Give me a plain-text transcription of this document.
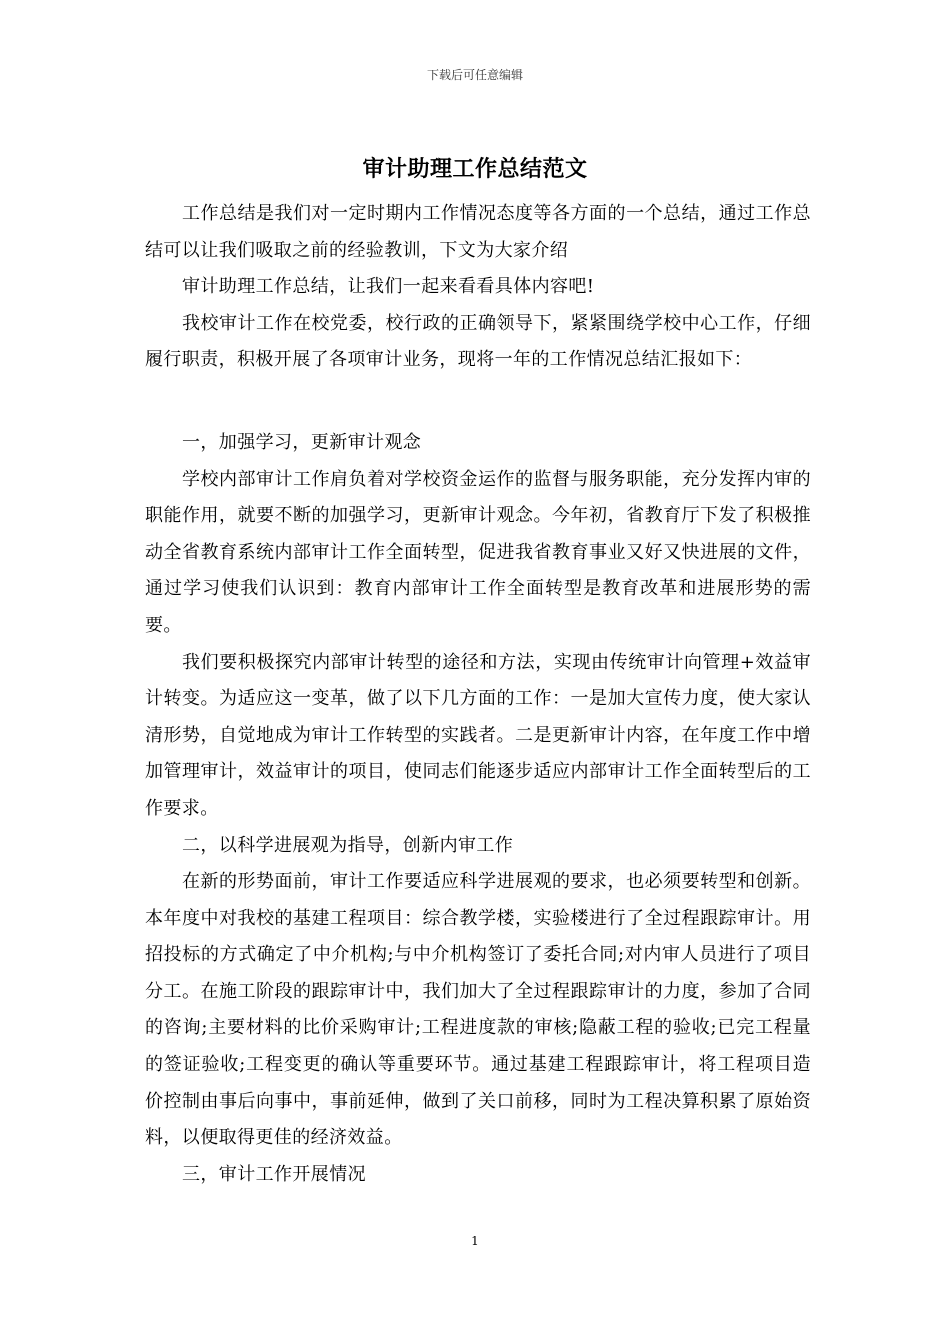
下载后可任意编辑
审计助理工作总结范文

工作总结是我们对一定时期内工作情况态度等各方面的一个总结，通过工作总结可以让我们吸取之前的经验教训，下文为大家介绍

审计助理工作总结，让我们一起来看看具体内容吧!

我校审计工作在校党委，校行政的正确领导下，紧紧围绕学校中心工作，仔细履行职责，积极开展了各项审计业务，现将一年的工作情况总结汇报如下：

一，加强学习，更新审计观念

学校内部审计工作肩负着对学校资金运作的监督与服务职能，充分发挥内审的职能作用，就要不断的加强学习，更新审计观念。今年初，省教育厅下发了积极推动全省教育系统内部审计工作全面转型，促进我省教育事业又好又快进展的文件，通过学习使我们认识到：教育内部审计工作全面转型是教育改革和进展形势的需要。

我们要积极探究内部审计转型的途径和方法，实现由传统审计向管理+效益审计转变。为适应这一变革，做了以下几方面的工作：一是加大宣传力度，使大家认清形势，自觉地成为审计工作转型的实践者。二是更新审计内容，在年度工作中增加管理审计，效益审计的项目，使同志们能逐步适应内部审计工作全面转型后的工作要求。

二，以科学进展观为指导，创新内审工作

在新的形势面前，审计工作要适应科学进展观的要求，也必须要转型和创新。本年度中对我校的基建工程项目：综合教学楼，实验楼进行了全过程跟踪审计。用招投标的方式确定了中介机构;与中介机构签订了委托合同;对内审人员进行了项目分工。在施工阶段的跟踪审计中，我们加大了全过程跟踪审计的力度，参加了合同的咨询;主要材料的比价采购审计;工程进度款的审核;隐蔽工程的验收;已完工程量的签证验收;工程变更的确认等重要环节。通过基建工程跟踪审计，将工程项目造价控制由事后向事中，事前延伸，做到了关口前移，同时为工程决算积累了原始资料，以便取得更佳的经济效益。

三，审计工作开展情况

1
